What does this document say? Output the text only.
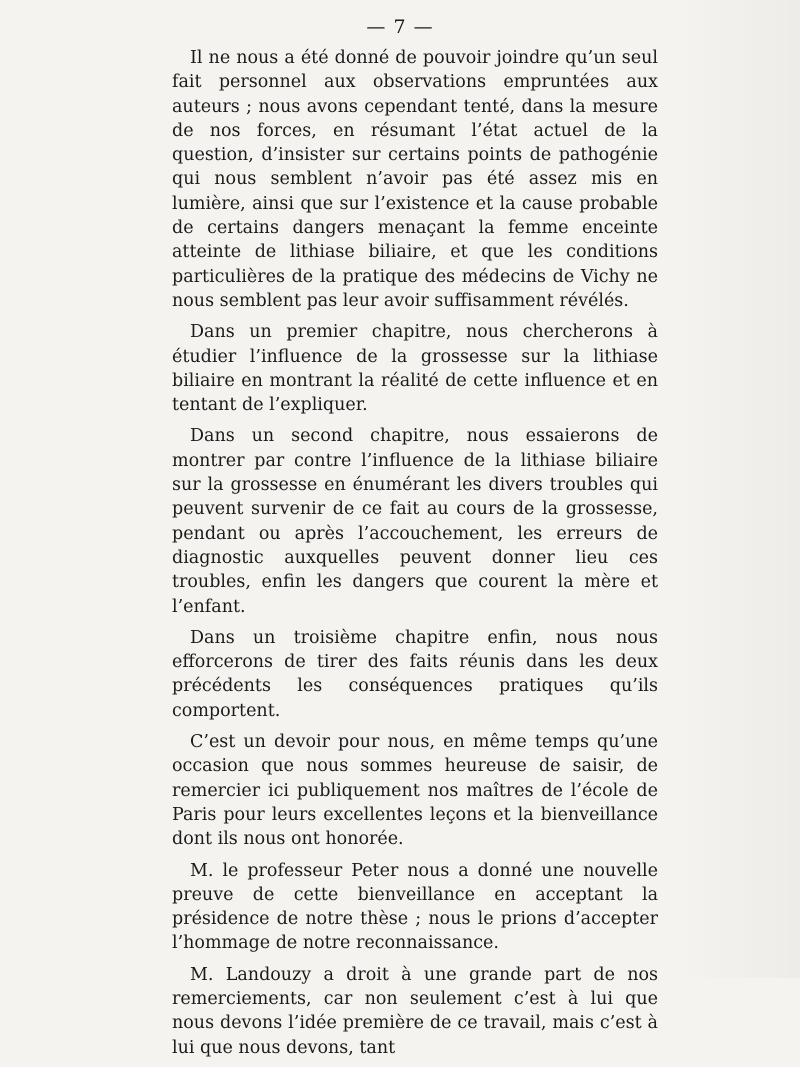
— 7 —

Il ne nous a été donné de pouvoir joindre qu’un seul fait personnel aux observations empruntées aux auteurs ; nous avons cependant tenté, dans la mesure de nos forces, en résumant l’état actuel de la question, d’insister sur certains points de pathogénie qui nous semblent n’avoir pas été assez mis en lumière, ainsi que sur l’existence et la cause probable de certains dangers menaçant la femme enceinte atteinte de lithiase biliaire, et que les conditions particulières de la pratique des médecins de Vichy ne nous semblent pas leur avoir suffisamment révélés.

Dans un premier chapitre, nous chercherons à étudier l’influence de la grossesse sur la lithiase biliaire en montrant la réalité de cette influence et en tentant de l’expliquer.

Dans un second chapitre, nous essaierons de montrer par contre l’influence de la lithiase biliaire sur la grossesse en énumérant les divers troubles qui peuvent survenir de ce fait au cours de la grossesse, pendant ou après l’accouchement, les erreurs de diagnostic auxquelles peuvent donner lieu ces troubles, enfin les dangers que courent la mère et l’enfant.

Dans un troisième chapitre enfin, nous nous efforcerons de tirer des faits réunis dans les deux précédents les conséquences pratiques qu’ils comportent.

C’est un devoir pour nous, en même temps qu’une occasion que nous sommes heureuse de saisir, de remercier ici publiquement nos maîtres de l’école de Paris pour leurs excellentes leçons et la bienveillance dont ils nous ont honorée.

M. le professeur Peter nous a donné une nouvelle preuve de cette bienveillance en acceptant la présidence de notre thèse ; nous le prions d’accepter l’hommage de notre reconnaissance.

M. Landouzy a droit à une grande part de nos remerciements, car non seulement c’est à lui que nous devons l’idée première de ce travail, mais c’est à lui que nous devons, tant
